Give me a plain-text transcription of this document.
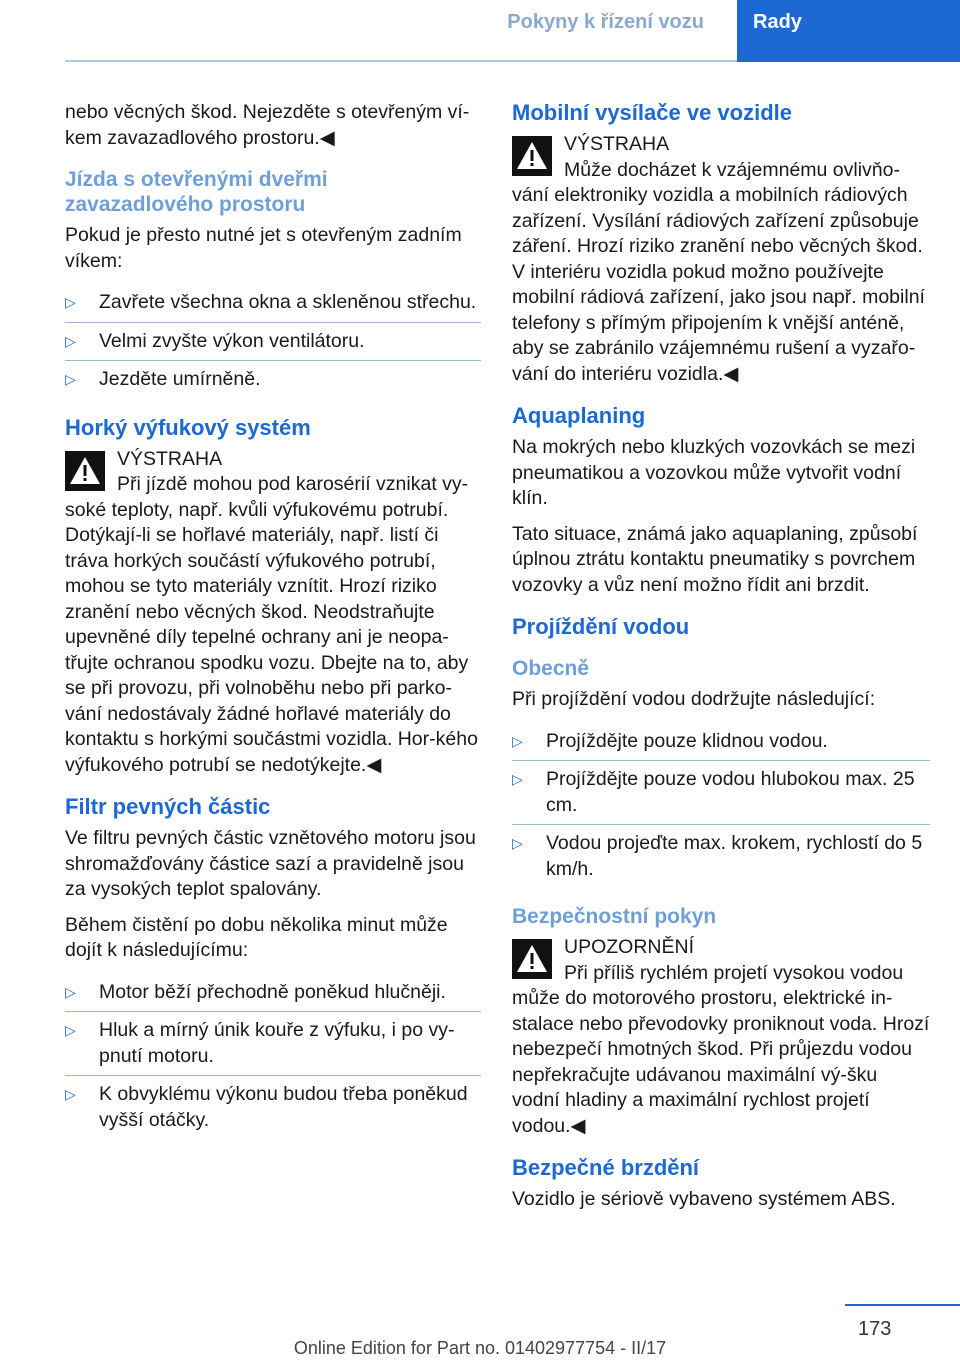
Pokyny k řízení vozu	Rady

nebo věcných škod. Nejezděte s otevřeným ví‐kem zavazadlového prostoru.◀

Jízda s otevřenými dveřmi zavazadlového prostoru

Pokud je přesto nutné jet s otevřeným zadním víkem:

▷ Zavřete všechna okna a skleněnou střechu.
▷ Velmi zvyšte výkon ventilátoru.
▷ Jezděte umírněně.
Horký výfukový systém
VÝSTRAHA
Při jízdě mohou pod karosérií vznikat vy‐soké teploty, např. kvůli výfukovému potrubí. Dotýkají-li se hořlavé materiály, např. listí či tráva horkých součástí výfukového potrubí, mohou se tyto materiály vznítit. Hrozí riziko zranění nebo věcných škod. Neodstraňujte upevněné díly tepelné ochrany ani je neopa‐třujte ochranou spodku vozu. Dbejte na to, aby se při provozu, při volnoběhu nebo při parko‐vání nedostávaly žádné hořlavé materiály do kontaktu s horkými součástmi vozidla. Hor‐kého výfukového potrubí se nedotýkejte.◀
Filtr pevných částic

Ve filtru pevných částic vznětového motoru jsou shromažďovány částice sazí a pravidelně jsou za vysokých teplot spalovány.

Během čistění po dobu několika minut může dojít k následujícímu:

▷ Motor běží přechodně poněkud hlučněji.
▷ Hluk a mírný únik kouře z výfuku, i po vy‐pnutí motoru.
▷ K obvyklému výkonu budou třeba poněkud vyšší otáčky.
Mobilní vysílače ve vozidle
VÝSTRAHA
Může docházet k vzájemnému ovlivňo‐vání elektroniky vozidla a mobilních rádiových zařízení. Vysílání rádiových zařízení způsobuje záření. Hrozí riziko zranění nebo věcných škod. V interiéru vozidla pokud možno používejte mobilní rádiová zařízení, jako jsou např. mobilní telefony s přímým připojením k vnější anténě, aby se zabránilo vzájemnému rušení a vyzařo‐vání do interiéru vozidla.◀
Aquaplaning

Na mokrých nebo kluzkých vozovkách se mezi pneumatikou a vozovkou může vytvořit vodní klín.

Tato situace, známá jako aquaplaning, způsobí úplnou ztrátu kontaktu pneumatiky s povrchem vozovky a vůz není možno řídit ani brzdit.

Projíždění vodou
Obecně

Při projíždění vodou dodržujte následující:

▷ Projíždějte pouze klidnou vodou.
▷ Projíždějte pouze vodou hlubokou max. 25 cm.
▷ Vodou projeďte max. krokem, rychlostí do 5 km/h.
Bezpečnostní pokyn
UPOZORNĚNÍ
Při příliš rychlém projetí vysokou vodou může do motorového prostoru, elektrické in‐stalace nebo převodovky proniknout voda. Hrozí nebezpečí hmotných škod. Při průjezdu vodou nepřekračujte udávanou maximální vý‐šku vodní hladiny a maximální rychlost projetí vodou.◀
Bezpečné brzdění

Vozidlo je sériově vybaveno systémem ABS.

173
Online Edition for Part no. 01402977754 - II/17
